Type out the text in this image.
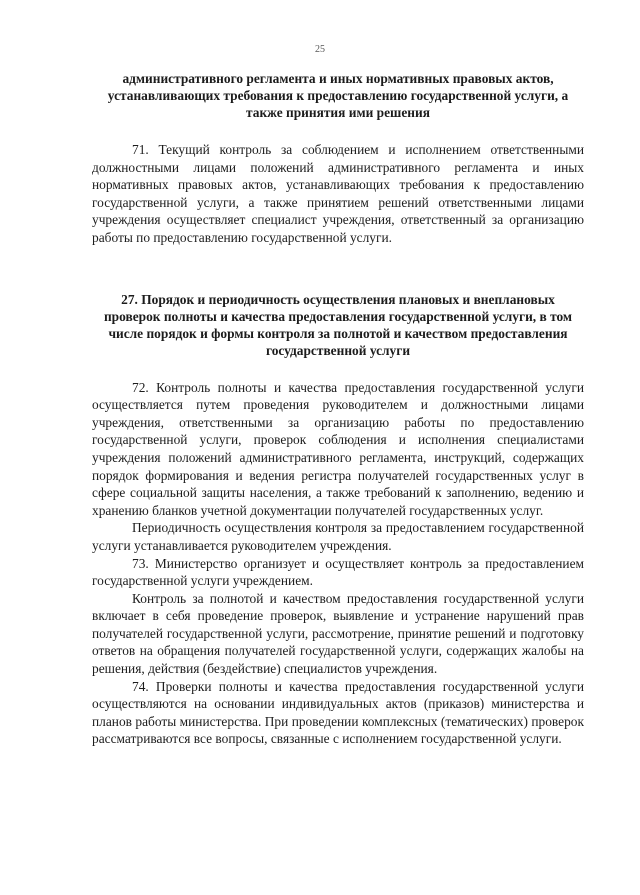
25

административного регламента и иных нормативных правовых актов, устанавливающих требования к предоставлению государственной услуги, а также принятия ими решения

71. Текущий контроль за соблюдением и исполнением ответственными должностными лицами положений административного регламента и иных нормативных правовых актов, устанавливающих требования к предоставлению государственной услуги, а также принятием решений ответственными лицами учреждения осуществляет специалист учреждения, ответственный за организацию работы по предоставлению государственной услуги.

27. Порядок и периодичность осуществления плановых и внеплановых проверок полноты и качества предоставления государственной услуги, в том числе порядок и формы контроля за полнотой и качеством предоставления государственной услуги

72. Контроль полноты и качества предоставления государственной услуги осуществляется путем проведения руководителем и должностными лицами учреждения, ответственными за организацию работы по предоставлению государственной услуги, проверок соблюдения и исполнения специалистами учреждения положений административного регламента, инструкций, содержащих порядок формирования и ведения регистра получателей государственных услуг в сфере социальной защиты населения, а также требований к заполнению, ведению и хранению бланков учетной документации получателей государственных услуг.

Периодичность осуществления контроля за предоставлением государственной услуги устанавливается руководителем учреждения.

73. Министерство организует и осуществляет контроль за предоставлением государственной услуги учреждением.

Контроль за полнотой и качеством предоставления государственной услуги включает в себя проведение проверок, выявление и устранение нарушений прав получателей государственной услуги, рассмотрение, принятие решений и подготовку ответов на обращения получателей государственной услуги, содержащих жалобы на решения, действия (бездействие) специалистов учреждения.

74. Проверки полноты и качества предоставления государственной услуги осуществляются на основании индивидуальных актов (приказов) министерства и планов работы министерства. При проведении комплексных (тематических) проверок рассматриваются все вопросы, связанные с исполнением государственной услуги.
